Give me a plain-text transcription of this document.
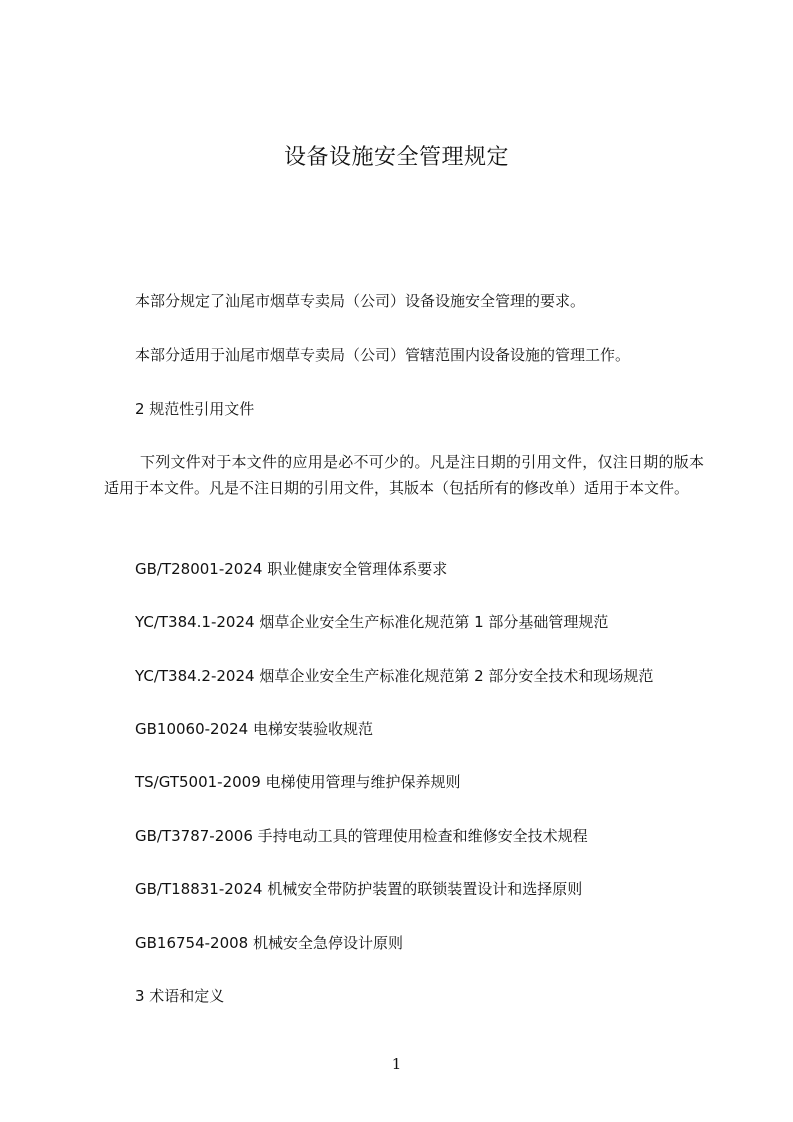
设备设施安全管理规定
本部分规定了汕尾市烟草专卖局（公司）设备设施安全管理的要求。
本部分适用于汕尾市烟草专卖局（公司）管辖范围内设备设施的管理工作。
2 规范性引用文件
下列文件对于本文件的应用是必不可少的。凡是注日期的引用文件，仅注日期的版本适用于本文件。凡是不注日期的引用文件，其版本（包括所有的修改单）适用于本文件。
GB/T28001-2024 职业健康安全管理体系要求
YC/T384.1-2024 烟草企业安全生产标准化规范第 1 部分基础管理规范
YC/T384.2-2024 烟草企业安全生产标准化规范第 2 部分安全技术和现场规范
GB10060-2024 电梯安装验收规范
TS/GT5001-2009 电梯使用管理与维护保养规则
GB/T3787-2006 手持电动工具的管理使用检查和维修安全技术规程
GB/T18831-2024 机械安全带防护装置的联锁装置设计和选择原则
GB16754-2008 机械安全急停设计原则
3 术语和定义
1
